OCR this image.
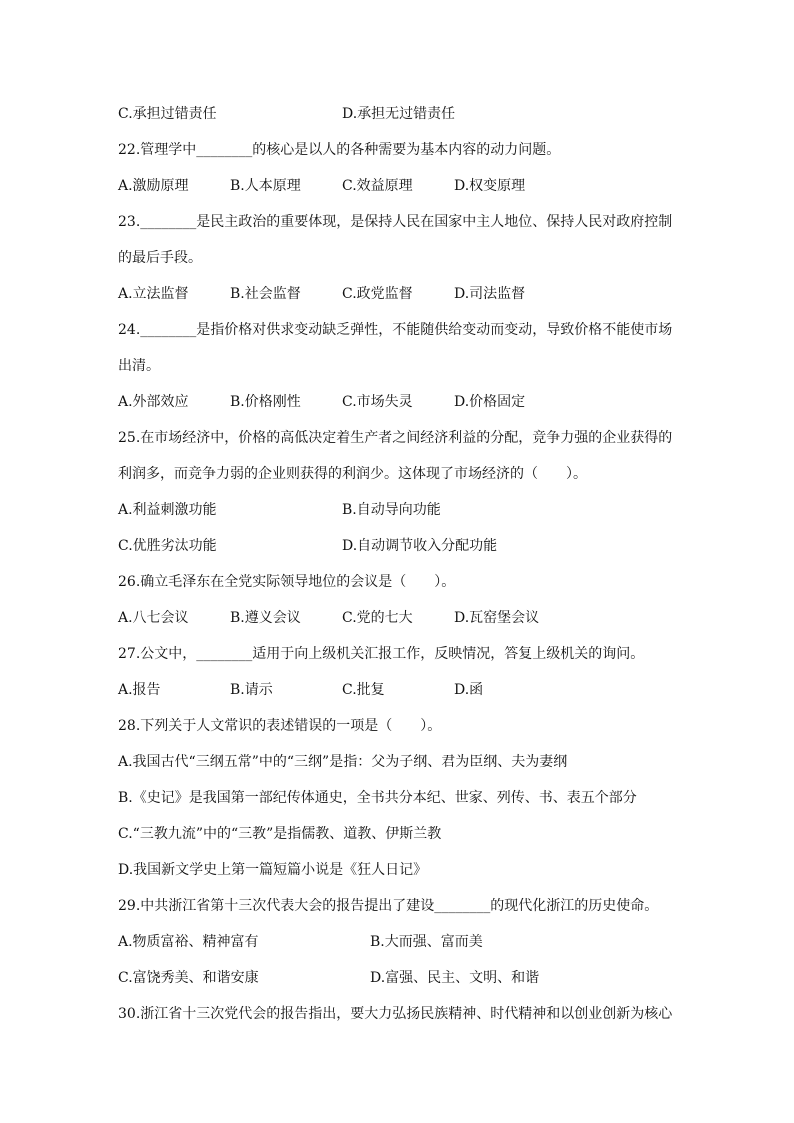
C.承担过错责任	D.承担无过错责任
22.管理学中________的核心是以人的各种需要为基本内容的动力问题。
A.激励原理	B.人本原理	C.效益原理	D.权变原理
23.________是民主政治的重要体现，是保持人民在国家中主人地位、保持人民对政府控制
的最后手段。
A.立法监督	B.社会监督	C.政党监督	D.司法监督
24.________是指价格对供求变动缺乏弹性，不能随供给变动而变动，导致价格不能使市场
出清。
A.外部效应	B.价格刚性	C.市场失灵	D.价格固定
25.在市场经济中，价格的高低决定着生产者之间经济利益的分配，竞争力强的企业获得的
利润多，而竞争力弱的企业则获得的利润少。这体现了市场经济的（　　）。
A.利益刺激功能	B.自动导向功能
C.优胜劣汰功能	D.自动调节收入分配功能
26.确立毛泽东在全党实际领导地位的会议是（　　）。
A.八七会议	B.遵义会议	C.党的七大	D.瓦窑堡会议
27.公文中，________适用于向上级机关汇报工作，反映情况，答复上级机关的询问。
A.报告	B.请示	C.批复	D.函
28.下列关于人文常识的表述错误的一项是（　　）。
A.我国古代“三纲五常”中的“三纲”是指：父为子纲、君为臣纲、夫为妻纲
B.《史记》是我国第一部纪传体通史，全书共分本纪、世家、列传、书、表五个部分
C.“三教九流”中的“三教”是指儒教、道教、伊斯兰教
D.我国新文学史上第一篇短篇小说是《狂人日记》
29.中共浙江省第十三次代表大会的报告提出了建设________的现代化浙江的历史使命。
A.物质富裕、精神富有	B.大而强、富而美
C.富饶秀美、和谐安康	D.富强、民主、文明、和谐
30.浙江省十三次党代会的报告指出，要大力弘扬民族精神、时代精神和以创业创新为核心
